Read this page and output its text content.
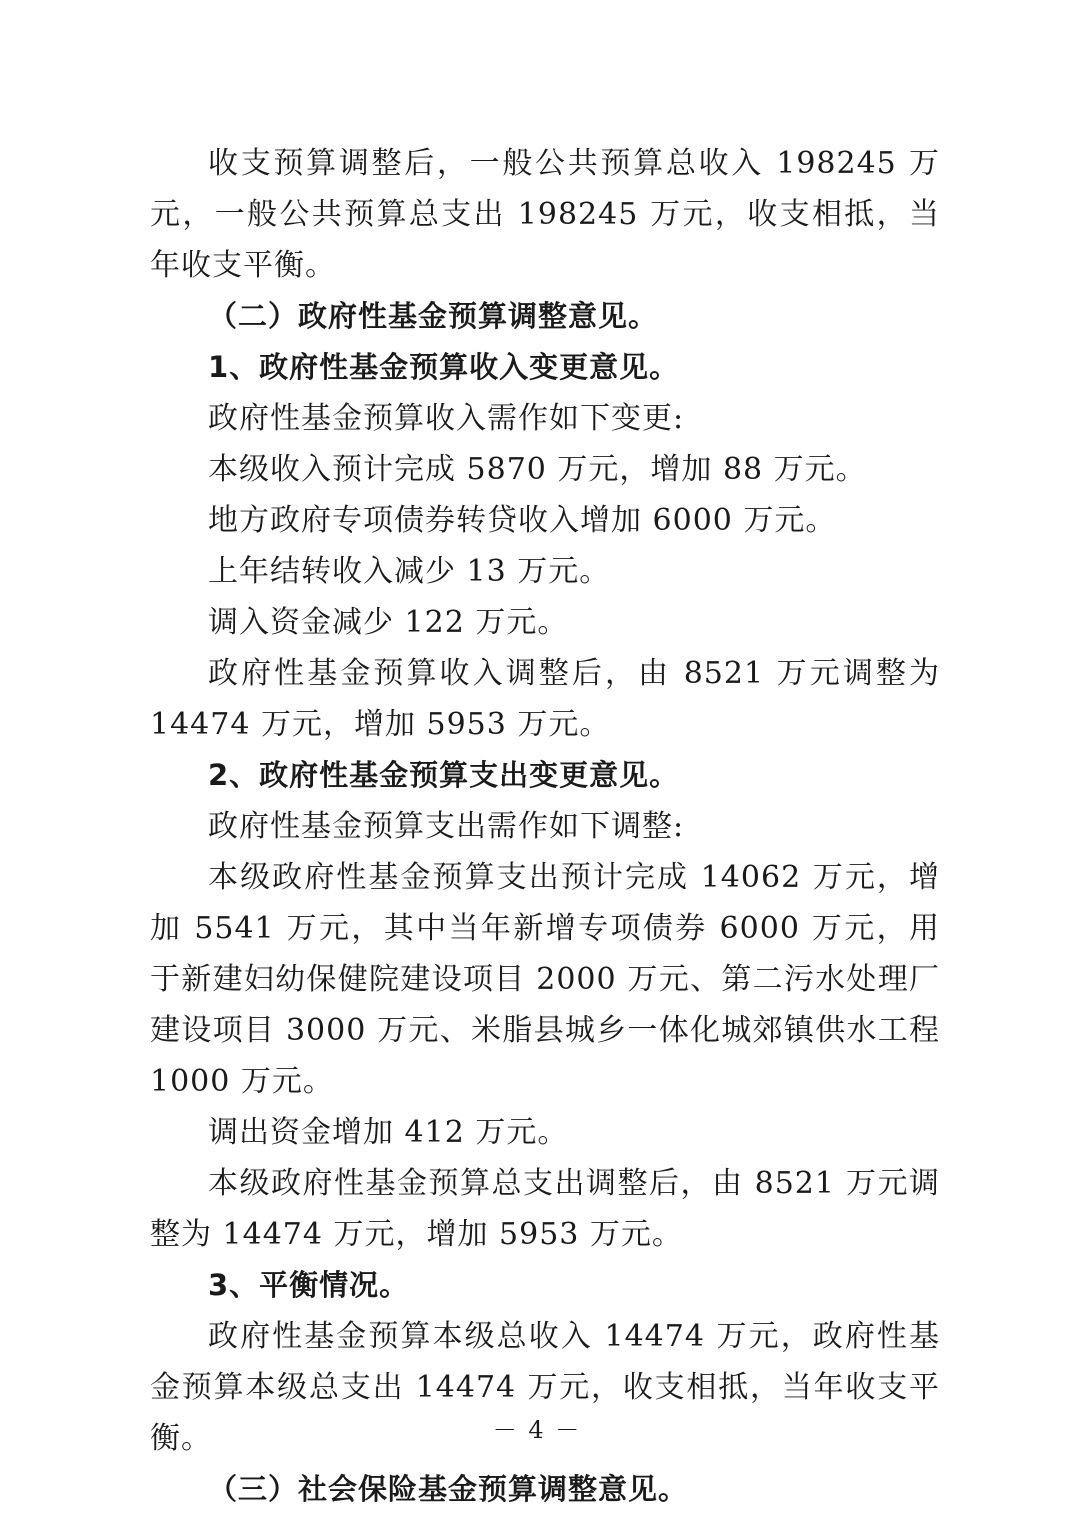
收支预算调整后，一般公共预算总收入 198245 万元，一般公共预算总支出 198245 万元，收支相抵，当年收支平衡。

（二）政府性基金预算调整意见。

1、政府性基金预算收入变更意见。

政府性基金预算收入需作如下变更:

本级收入预计完成 5870 万元，增加 88 万元。

地方政府专项债券转贷收入增加 6000 万元。

上年结转收入减少 13 万元。

调入资金减少 122 万元。

政府性基金预算收入调整后，由 8521 万元调整为 14474 万元，增加 5953 万元。

2、政府性基金预算支出变更意见。

政府性基金预算支出需作如下调整:

本级政府性基金预算支出预计完成 14062 万元，增加 5541 万元，其中当年新增专项债券 6000 万元，用于新建妇幼保健院建设项目 2000 万元、第二污水处理厂建设项目 3000 万元、米脂县城乡一体化城郊镇供水工程 1000 万元。

调出资金增加 412 万元。

本级政府性基金预算总支出调整后，由 8521 万元调整为 14474 万元，增加 5953 万元。

3、平衡情况。

政府性基金预算本级总收入 14474 万元，政府性基金预算本级总支出 14474 万元，收支相抵，当年收支平衡。

（三）社会保险基金预算调整意见。

－ 4 －
